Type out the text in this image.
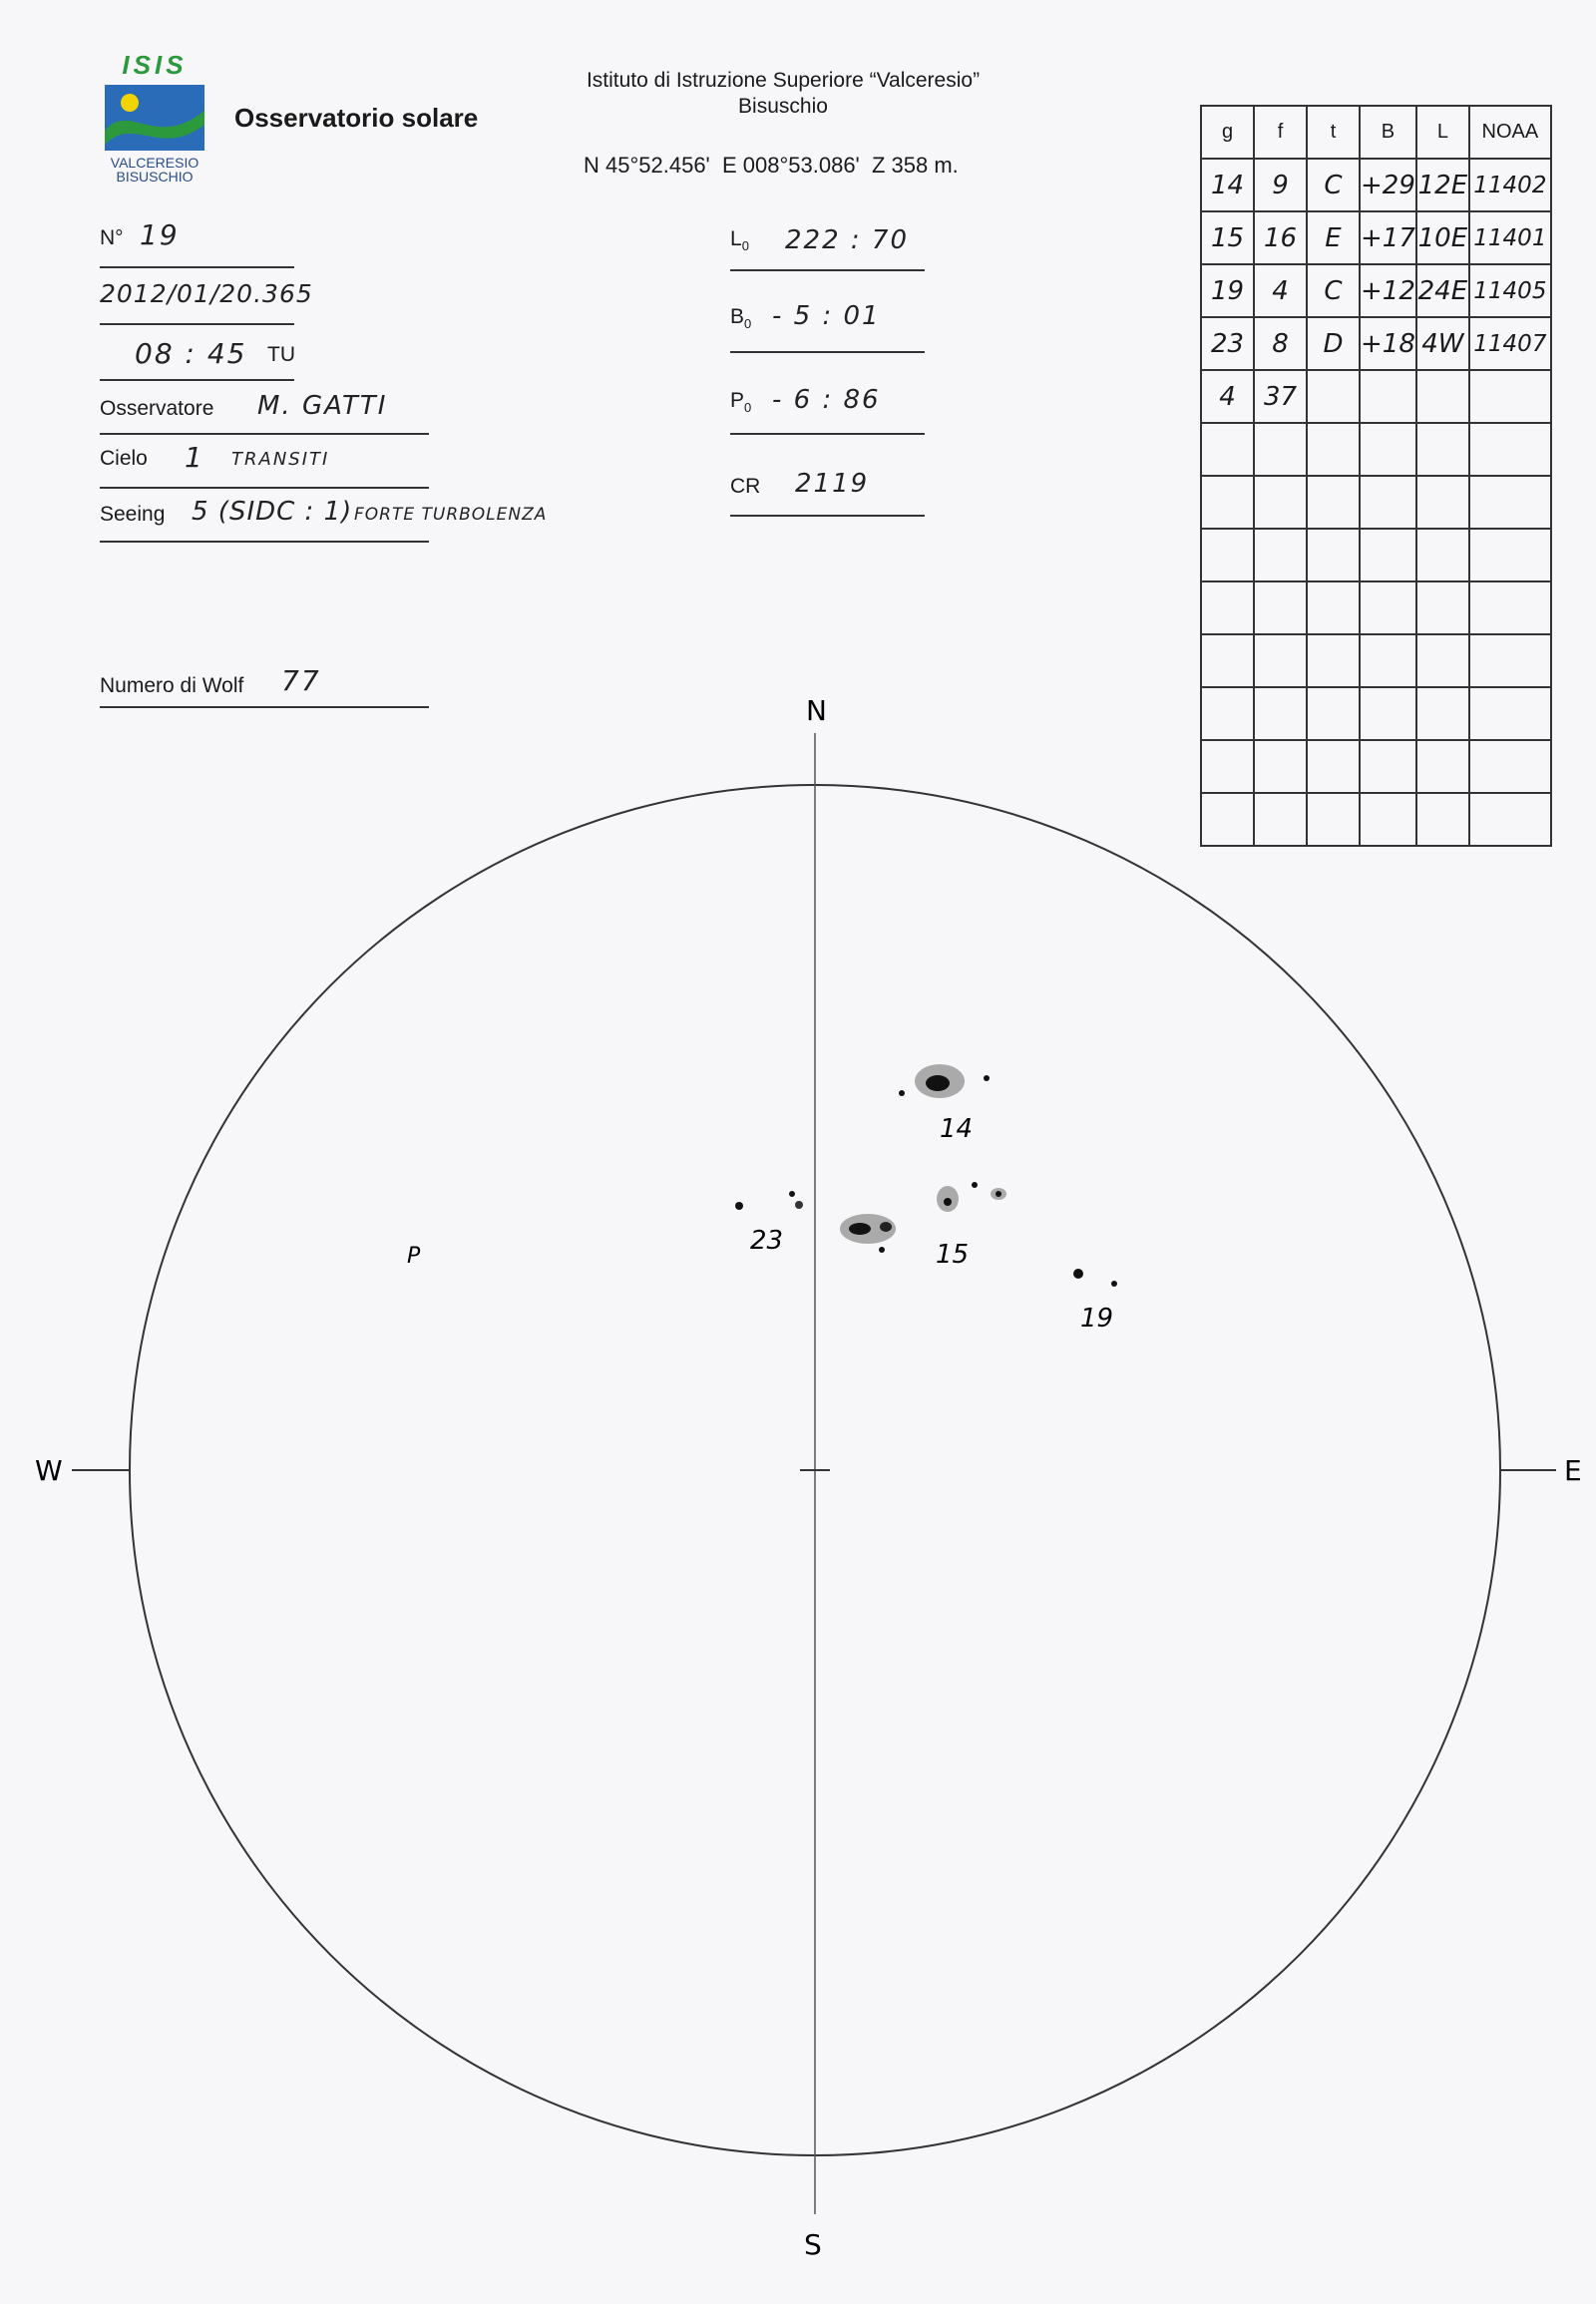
ISIS
VALCERESIO
BISUSCHIO
Osservatorio solare
Istituto di Istruzione Superiore “Valceresio”
Bisuschio
N 45°52.456'  E 008°53.086'  Z 358 m.
N° 19
2012/01/20.365
08 : 45 TU
Osservatore M. GATTI
Cielo 1 TRANSITI
Seeing 5 (SIDC : 1) FORTE TURBOLENZA
Numero di Wolf 77
$L_0$ 222 : 70
$B_0 - 5$ : 01
$P_0 - 6$ : 86
CR 2119
g	f	t	B	L	NOAA
14	9	C	+29	12E	11402
15	16	E	+17	10E	11401
19	4	C	+12	24E	11405
23	8	D	+18	4W	11407
4	37				

N
S
W	E
P
14
15
19
23
